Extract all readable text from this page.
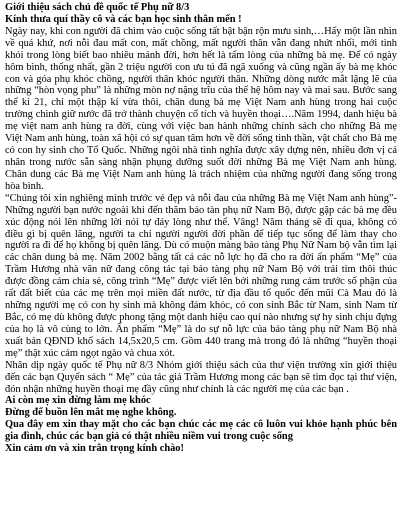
Giới thiệu sách chủ đề quốc tế Phụ nữ 8/3

Kính thưa quí thầy cô và các bạn học sinh thân mến !

Ngày nay, khi con người đã chìm vào cuộc sống tất bật bận rộn mưu sinh,…Hấy một lần nhìn về quá khứ, nơi nỗi đau mất con, mất chồng, mất người thân vẫn đang nhứt nhối, mới tình khói trong lòng biết bao nhiêu mảnh đời, hơn hết là tấm lòng của những bà mẹ. Để có ngày hôm bình, thống nhất, gần 2 triệu người con ưu tú đã ngã xuống và cũng ngần ấy bà mẹ khóc con và góa phụ khóc chồng, người thân khóc người thân. Những dòng nước mắt lặng lẽ của những “hòn vọng phu” là những mòn nợ nặng trĩu của thế hệ hôm nay và mai sau. Bước sang thế kỉ 21, chỉ một thập kỉ vừa thôi, chân dung bà mẹ Việt Nam anh hùng trong hai cuộc trường chinh giữ nước đã trở thành chuyện cổ tích và huyền thoại….Năm 1994, danh hiệu bà mẹ việt nam anh hùng ra đời, cùng với việc ban hành những chính sách cho những Bà mẹ Việt Nam anh hùng, toàn xã hội có sự quan tâm hơn về đời sống tinh thần, vật chất cho Bà mẹ có con hy sinh cho Tổ Quốc. Những ngôi nhà tình nghĩa được xây dựng nên, nhiều đơn vị cá nhân trong nước sẵn sàng nhận phụng dưỡng suốt đời những Bà mẹ Việt Nam anh hùng. Chân dung các Bà mẹ Việt Nam anh hùng là trách nhiệm của những người đang sống trong hòa bình.

“Chúng tôi xin nghiêng mình trước vẻ đẹp và nỗi đau của những Bà mẹ Việt Nam anh hùng”- Những người bạn nước ngoài khi đến thăm bảo tàn phụ nữ Nam Bộ, được gặp các bà mẹ đều xúc động nói lên những lời nói tự đáy lòng như thế. Vâng! Năm tháng sẽ đi qua, không có điều gì bị quên lãng, người ta chỉ người người đời phần để tiếp tục sống để làm thay cho người ra đi để họ không bị quên lãng. Dù có muộn màng bảo tàng Phụ Nữ Nam bộ vẫn tìm lại các chân dung bà mẹ. Năm 2002 bằng tất cả các nỗ lực họ đã cho ra đời ấn phẩm “Mẹ” của Trầm Hương nhà văn nữ đang công tác tại bảo tàng phụ nữ Nam Bộ với trái tim thôi thúc được đồng cảm chia sẻ, công trình “Mẹ” được viết lên bởi những rung cảm trước số phận của rất đất biết của các mẹ trên mọi miền đất nước, từ địa đầu tổ quốc đến mũi Cà Mau đó là những người mẹ có con hy sinh mà không đám khóc, có con sinh Bắc từ Nam, sinh Nam từ Bắc, có mẹ dù không được phong tặng một danh hiệu cao quí nào nhưng sự hy sinh chịu đựng của họ là vô cùng to lớn. Ấn phẩm “Mẹ” là do sự nỗ lực của bảo tàng phụ nữ Nam Bộ nhà xuất bản QĐND khổ sách 14,5x20,5 cm. Gồm 440 trang mà trong đó là những “huyền thoại mẹ” thật xúc cảm ngọt ngào và chua xót.

Nhân dịp ngày quốc tế Phụ nữ 8/3 Nhóm giới thiệu sách của thư viện trường xin giới thiệu đến các bạn Quyển sách “ Mẹ” của tác giả Trầm Hương mong các bạn sẽ tìm đọc tại thư viện, đón nhận những huyền thoại mẹ đầy cũng như chính là các người mẹ của các bạn .

Ai còn mẹ xin đừng làm mẹ khóc

Đừng để buồn lên mắt mẹ nghe không.

Qua đây em xin thay mặt cho các bạn chúc các mẹ các cô luôn vui khỏe hạnh phúc bên gia đình, chúc các bạn giả có thật nhiều niềm vui trong cuộc sống

Xin cảm ơn và xin trân trọng kính chào!
